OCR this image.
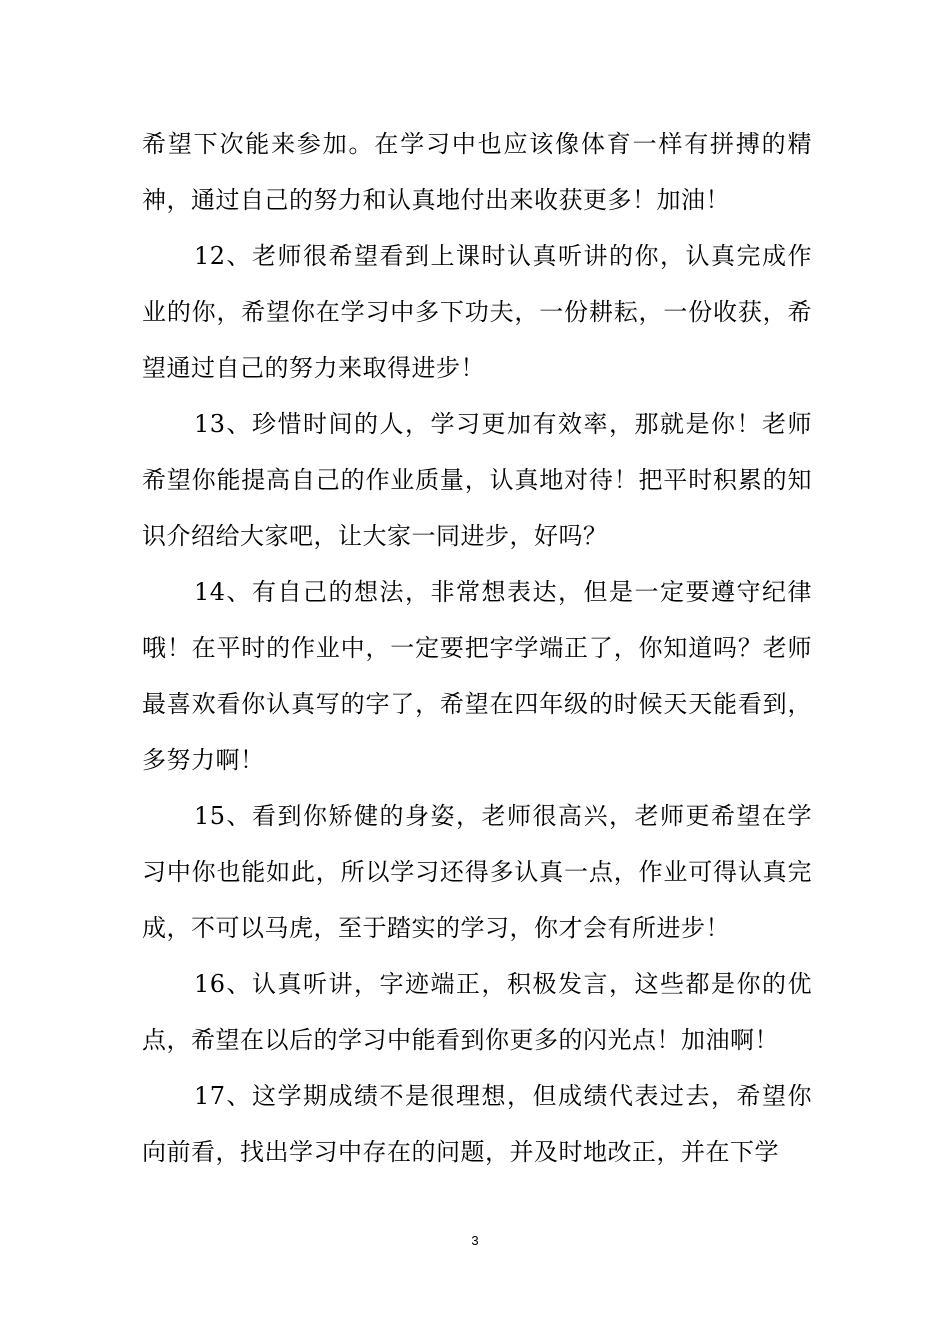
希望下次能来参加。在学习中也应该像体育一样有拼搏的精神，通过自己的努力和认真地付出来收获更多！加油！

12、老师很希望看到上课时认真听讲的你，认真完成作业的你，希望你在学习中多下功夫，一份耕耘，一份收获，希望通过自己的努力来取得进步！

13、珍惜时间的人，学习更加有效率，那就是你！老师希望你能提高自己的作业质量，认真地对待！把平时积累的知识介绍给大家吧，让大家一同进步，好吗？

14、有自己的想法，非常想表达，但是一定要遵守纪律哦！在平时的作业中，一定要把字学端正了，你知道吗？老师最喜欢看你认真写的字了，希望在四年级的时候天天能看到，多努力啊！

15、看到你矫健的身姿，老师很高兴，老师更希望在学习中你也能如此，所以学习还得多认真一点，作业可得认真完成，不可以马虎，至于踏实的学习，你才会有所进步！

16、认真听讲，字迹端正，积极发言，这些都是你的优点，希望在以后的学习中能看到你更多的闪光点！加油啊！

17、这学期成绩不是很理想，但成绩代表过去，希望你向前看，找出学习中存在的问题，并及时地改正，并在下学

3
